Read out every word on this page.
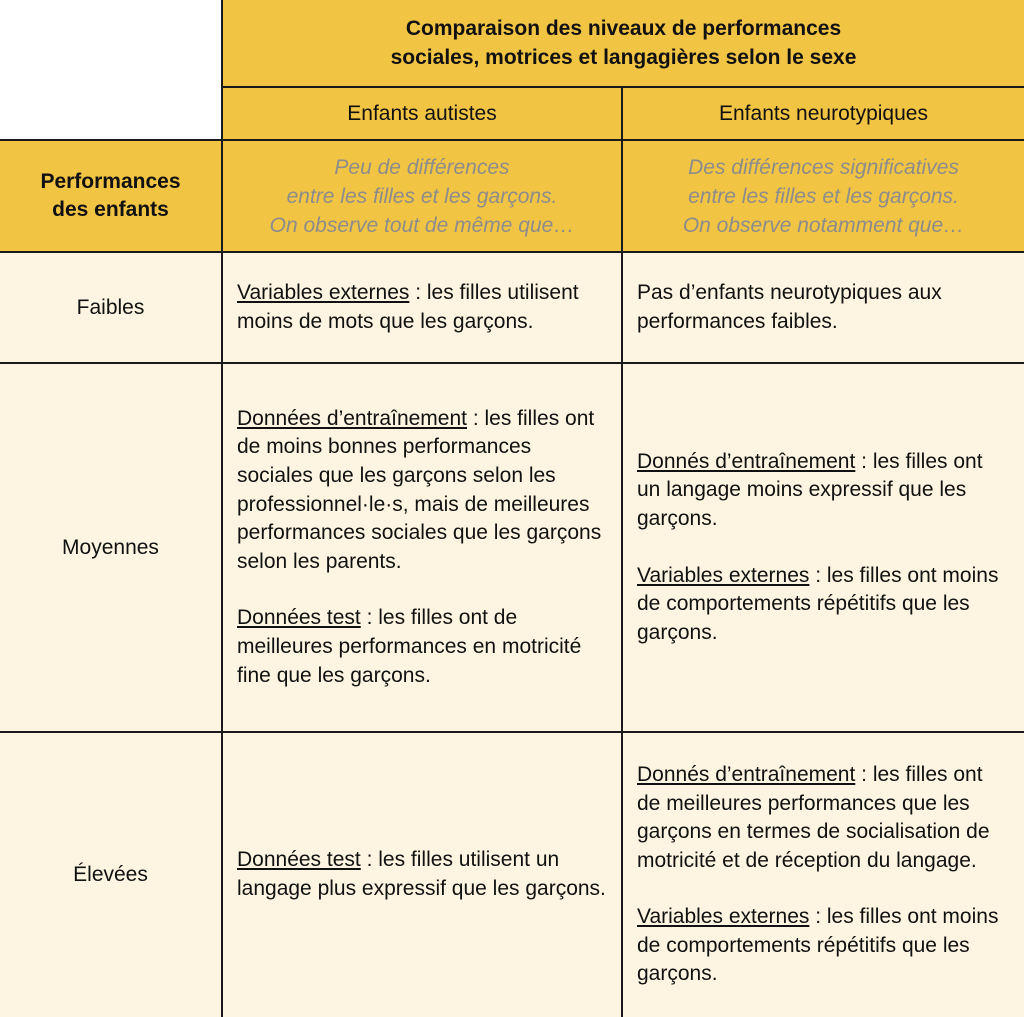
Comparaison des niveaux de performances
sociales, motrices et langagières selon le sexe
Enfants autistes	Enfants neurotypiques
Performances
des enfants
Peu de différences
entre les filles et les garçons.
On observe tout de même que…
Des différences significatives
entre les filles et les garçons.
On observe notamment que…
Faibles
Variables externes : les filles utilisent moins de mots que les garçons.
Pas d’enfants neurotypiques aux performances faibles.
Moyennes
Données d’entraînement : les filles ont de moins bonnes performances sociales que les garçons selon les professionnel·le·s, mais de meilleures performances sociales que les garçons selon les parents.
Données test : les filles ont de meilleures performances en motricité fine que les garçons.
Donnés d’entraînement : les filles ont un langage moins expressif que les garçons.
Variables externes : les filles ont moins de comportements répétitifs que les garçons.
Élevées
Données test : les filles utilisent un langage plus expressif que les garçons.
Donnés d’entraînement : les filles ont de meilleures performances que les garçons en termes de socialisation de motricité et de réception du langage.
Variables externes : les filles ont moins de comportements répétitifs que les garçons.
